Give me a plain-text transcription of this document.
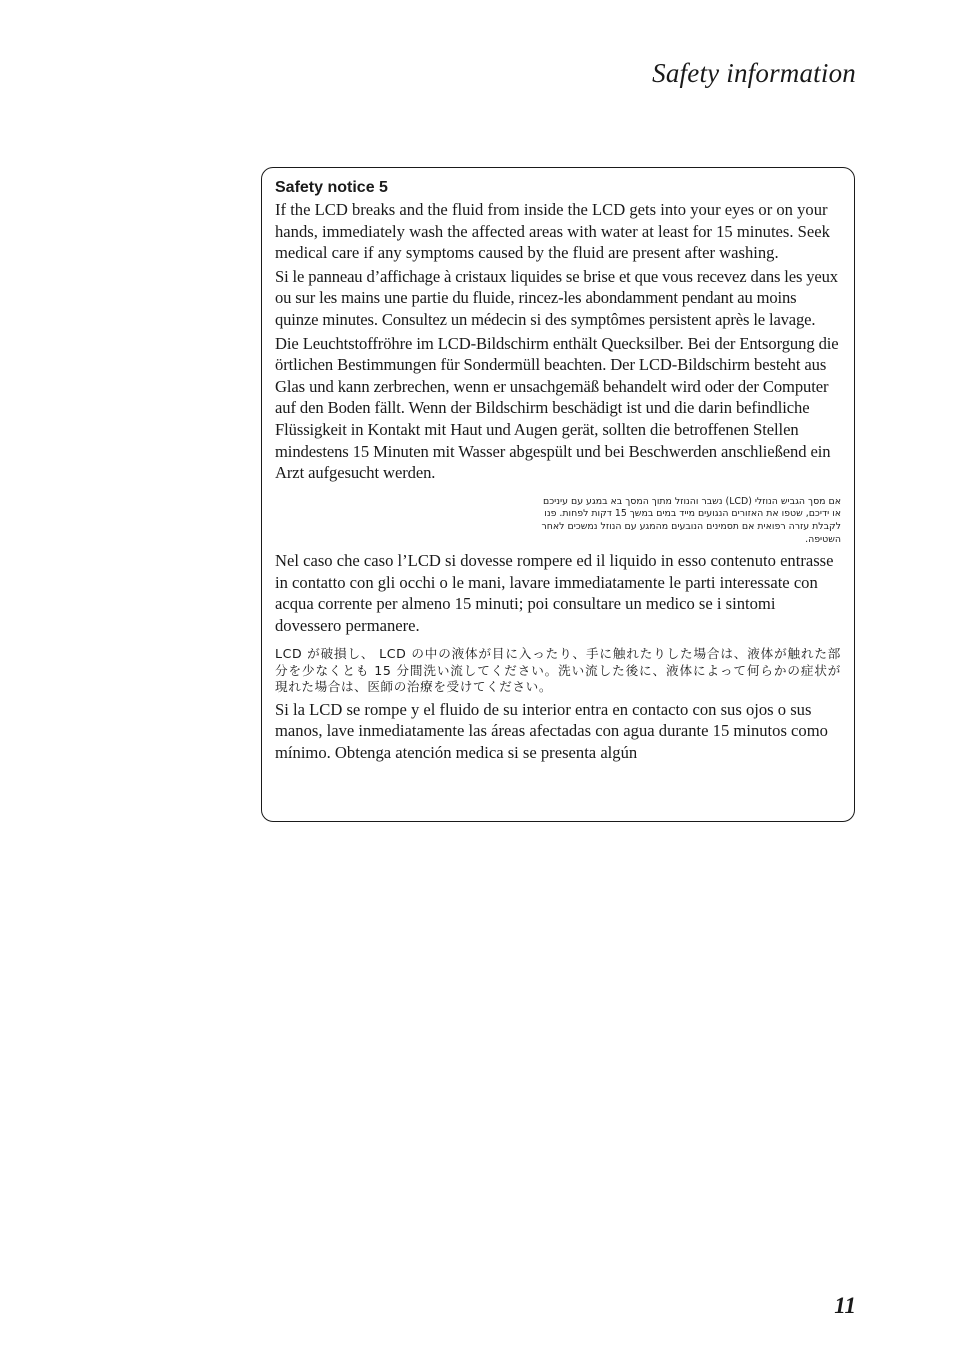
Safety information
Safety notice 5

If the LCD breaks and the fluid from inside the LCD gets into your eyes or on your hands, immediately wash the affected areas with water at least for 15 minutes. Seek medical care if any symptoms caused by the fluid are present after washing.

Si le panneau d’affichage à cristaux liquides se brise et que vous recevez dans les yeux ou sur les mains une partie du fluide, rincez-les abondamment pendant au moins quinze minutes. Consultez un médecin si des symptômes persistent après le lavage.

Die Leuchtstoffröhre im LCD-Bildschirm enthält Quecksilber. Bei der Entsorgung die örtlichen Bestimmungen für Sondermüll beachten. Der LCD-Bildschirm besteht aus Glas und kann zerbrechen, wenn er unsachgemäß behandelt wird oder der Computer auf den Boden fällt. Wenn der Bildschirm beschädigt ist und die darin befindliche Flüssigkeit in Kontakt mit Haut und Augen gerät, sollten die betroffenen Stellen mindestens 15 Minuten mit Wasser abgespült und bei Beschwerden anschließend ein Arzt aufgesucht werden.

אם מסך הגביש הנוזלי (LCD) נשבר והנוזל מתוך המסך בא במגע עם עיניכם או ידיכם, שטפו את האזורים הנגועים מייד במים במשך 15 דקות לפחות. פנו לקבלת עזרה רפואית אם תסמינים הנובעים מהמגע עם הנוזל נמשכים לאחר השטיפה.

Nel caso che caso l’LCD si dovesse rompere ed il liquido in esso contenuto entrasse in contatto con gli occhi o le mani, lavare immediatamente le parti interessate con acqua corrente per almeno 15 minuti; poi consultare un medico se i sintomi dovessero permanere.

LCD が破損し、 LCD の中の液体が目に入ったり、手に触れたりした場合は、液体が触れた部分を少なくとも 15 分間洗い流してください。洗い流した後に、液体によって何らかの症状が現れた場合は、医師の治療を受けてください。

Si la LCD se rompe y el fluido de su interior entra en contacto con sus ojos o sus manos, lave inmediatamente las áreas afectadas con agua durante 15 minutos como mínimo. Obtenga atención medica si se presenta algún

11
